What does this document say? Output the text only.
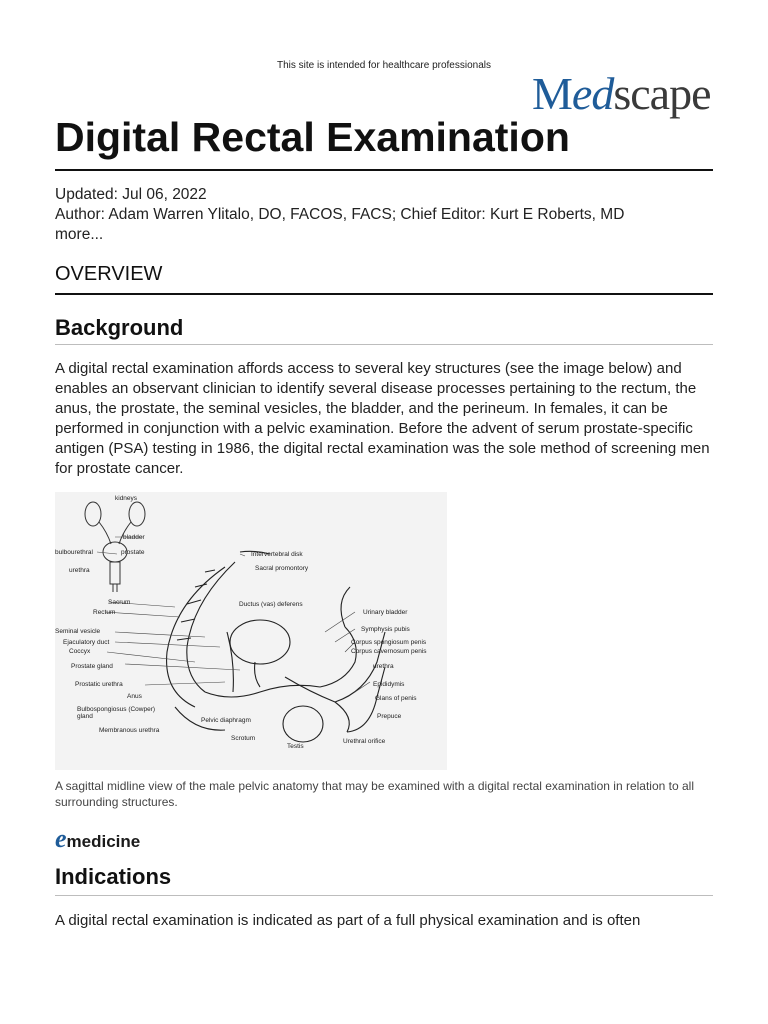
This site is intended for healthcare professionals
Medscape
Digital Rectal Examination
Updated: Jul 06, 2022
Author: Adam Warren Ylitalo, DO, FACOS, FACS; Chief Editor: Kurt E Roberts, MD
more...
OVERVIEW
Background
A digital rectal examination affords access to several key structures (see the image below) and enables an observant clinician to identify several disease processes pertaining to the rectum, the anus, the prostate, the seminal vesicles, the bladder, and the perineum. In females, it can be performed in conjunction with a pelvic examination. Before the advent of serum prostate-specific antigen (PSA) testing in 1986, the digital rectal examination was the sole method of screening men for prostate cancer.
kidneys
bladder
bulbourethral	prostate
urethra
Intervertebral disk
Sacral promontory
Sacrum
Rectum
Ductus (vas) deferens
Urinary bladder
Seminal vesicle	Symphysis pubis
Ejaculatory duct	Corpus spongiosum penis
Coccyx	Corpus cavernosum penis
Prostate gland	urethra
Prostatic urethra	Epididymis
Anus	Glans of penis
Bulbospongiosus (Cowper)
gland
Pelvic diaphragm
Prepuce
Membranous urethra
Scrotum
Testis
Urethral orifice
A sagittal midline view of the male pelvic anatomy that may be examined with a digital rectal examination in relation to all surrounding structures.
emedicine
Indications
A digital rectal examination is indicated as part of a full physical examination and is often
